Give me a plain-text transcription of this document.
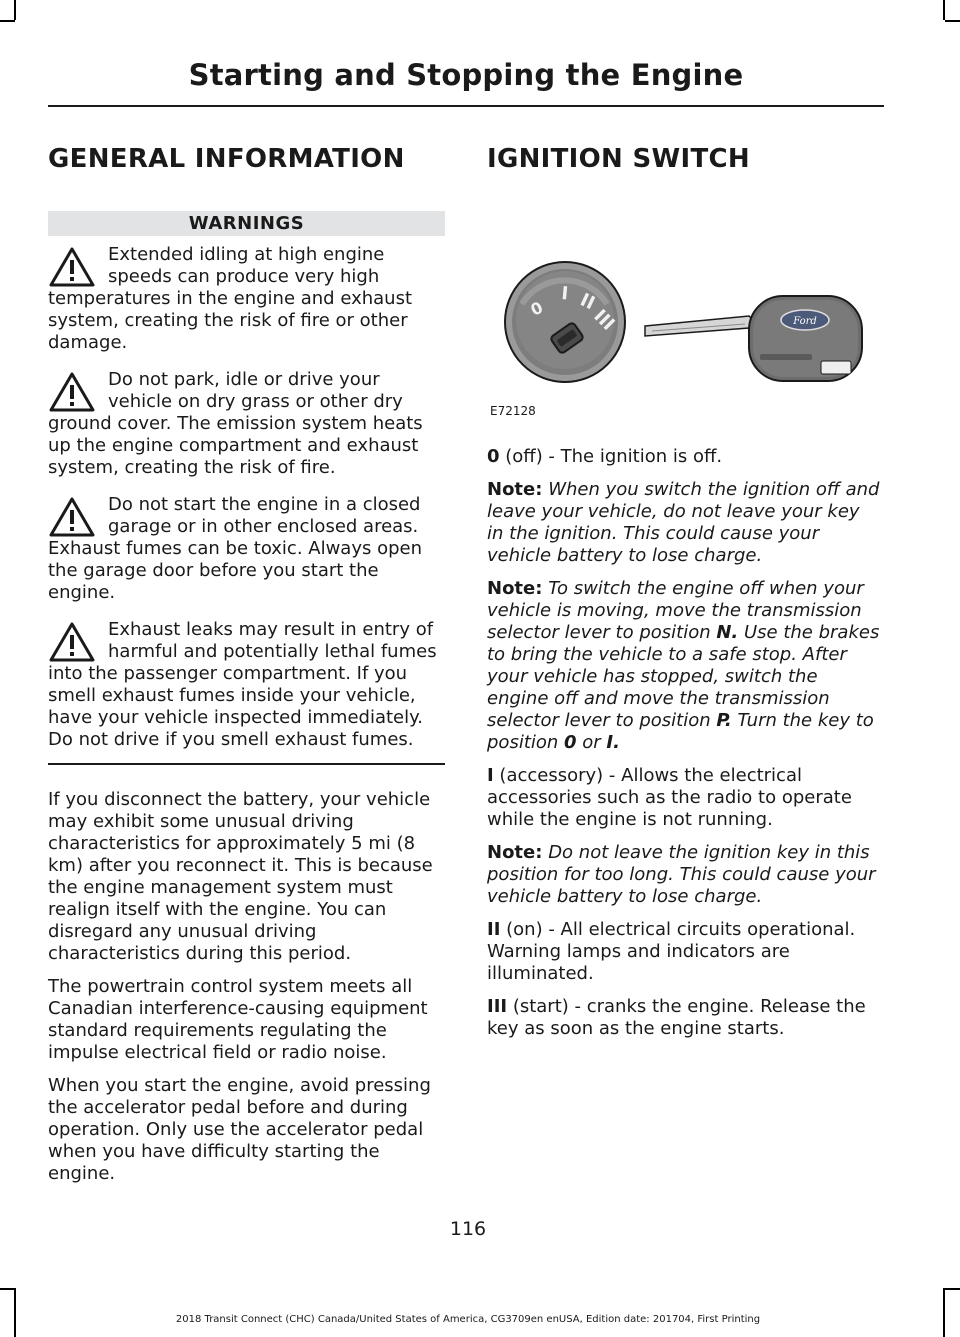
Starting and Stopping the Engine
GENERAL INFORMATION
WARNINGS

Extended idling at high engine speeds can produce very high temperatures in the engine and exhaust system, creating the risk of fire or other damage.

Do not park, idle or drive your vehicle on dry grass or other dry ground cover. The emission system heats up the engine compartment and exhaust system, creating the risk of fire.

Do not start the engine in a closed garage or in other enclosed areas. Exhaust fumes can be toxic. Always open the garage door before you start the engine.

Exhaust leaks may result in entry of harmful and potentially lethal fumes into the passenger compartment. If you smell exhaust fumes inside your vehicle, have your vehicle inspected immediately. Do not drive if you smell exhaust fumes.

If you disconnect the battery, your vehicle may exhibit some unusual driving characteristics for approximately 5 mi (8 km) after you reconnect it. This is because the engine management system must realign itself with the engine. You can disregard any unusual driving characteristics during this period.

The powertrain control system meets all Canadian interference-causing equipment standard requirements regulating the impulse electrical field or radio noise.

When you start the engine, avoid pressing the accelerator pedal before and during operation. Only use the accelerator pedal when you have difficulty starting the engine.

IGNITION SWITCH
0
I II
III	Ford
E72128

0 (off) - The ignition is off.

Note: When you switch the ignition off and leave your vehicle, do not leave your key in the ignition. This could cause your vehicle battery to lose charge.

Note: To switch the engine off when your vehicle is moving, move the transmission selector lever to position N. Use the brakes to bring the vehicle to a safe stop. After your vehicle has stopped, switch the engine off and move the transmission selector lever to position P. Turn the key to position 0 or I.

I (accessory) - Allows the electrical accessories such as the radio to operate while the engine is not running.

Note: Do not leave the ignition key in this position for too long. This could cause your vehicle battery to lose charge.

II (on) - All electrical circuits operational. Warning lamps and indicators are illuminated.

III (start) - cranks the engine. Release the key as soon as the engine starts.

116
2018 Transit Connect (CHC) Canada/United States of America, CG3709en enUSA, Edition date: 201704, First Printing
